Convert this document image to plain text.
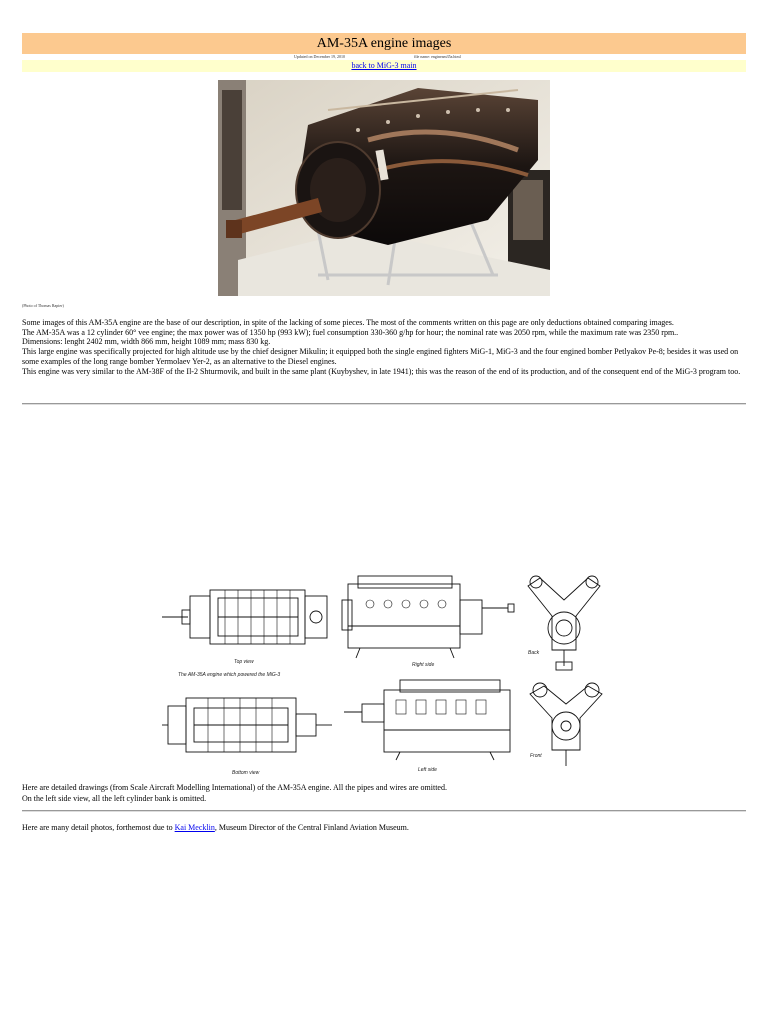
AM-35A engine images
Updated on December 19, 2010	file name: engineam35a.html
back to MiG-3 main
(Photo of Thomas Rapier)

Some images of this AM-35A engine are the base of our description, in spite of the lacking of some pieces. The most of the comments written on this page are only deductions obtained comparing images.

The AM-35A was a 12 cylinder 60° vee engine; the max power was of 1350 hp (993 kW); fuel consumption 330-360 g/hp for hour; the nominal rate was 2050 rpm, while the maximum rate was 2350 rpm..

Dimensions: lenght 2402 mm, width 866 mm, height 1089 mm; mass 830 kg.

This large engine was specifically projected for high altitude use by the chief designer Mikulin; it equipped both the single engined fighters MiG-1, MiG-3 and the four engined bomber Petlyakov Pe-8; besides it was used on some examples of the long range bomber Yermolaev Yer-2, as an alternative to the Diesel engines.

This engine was very similar to the AM-38F of the Il-2 Shturmovik, and built in the same plant (Kuybyshev, in late 1941); this was the reason of the end of its production, and of the consequent end of the MiG-3 program too.

Top view	Right side
Back
The AM-35A engine which powered the MiG-3
Bottom view	Left side
Front

Here are detailed drawings (from Scale Aircraft Modelling International) of the AM-35A engine. All the pipes and wires are omitted.

On the left side view, all the left cylinder bank is omitted.

Here are many detail photos, forthemost due to Kai Mecklin, Museum Director of the Central Finland Aviation Museum.
